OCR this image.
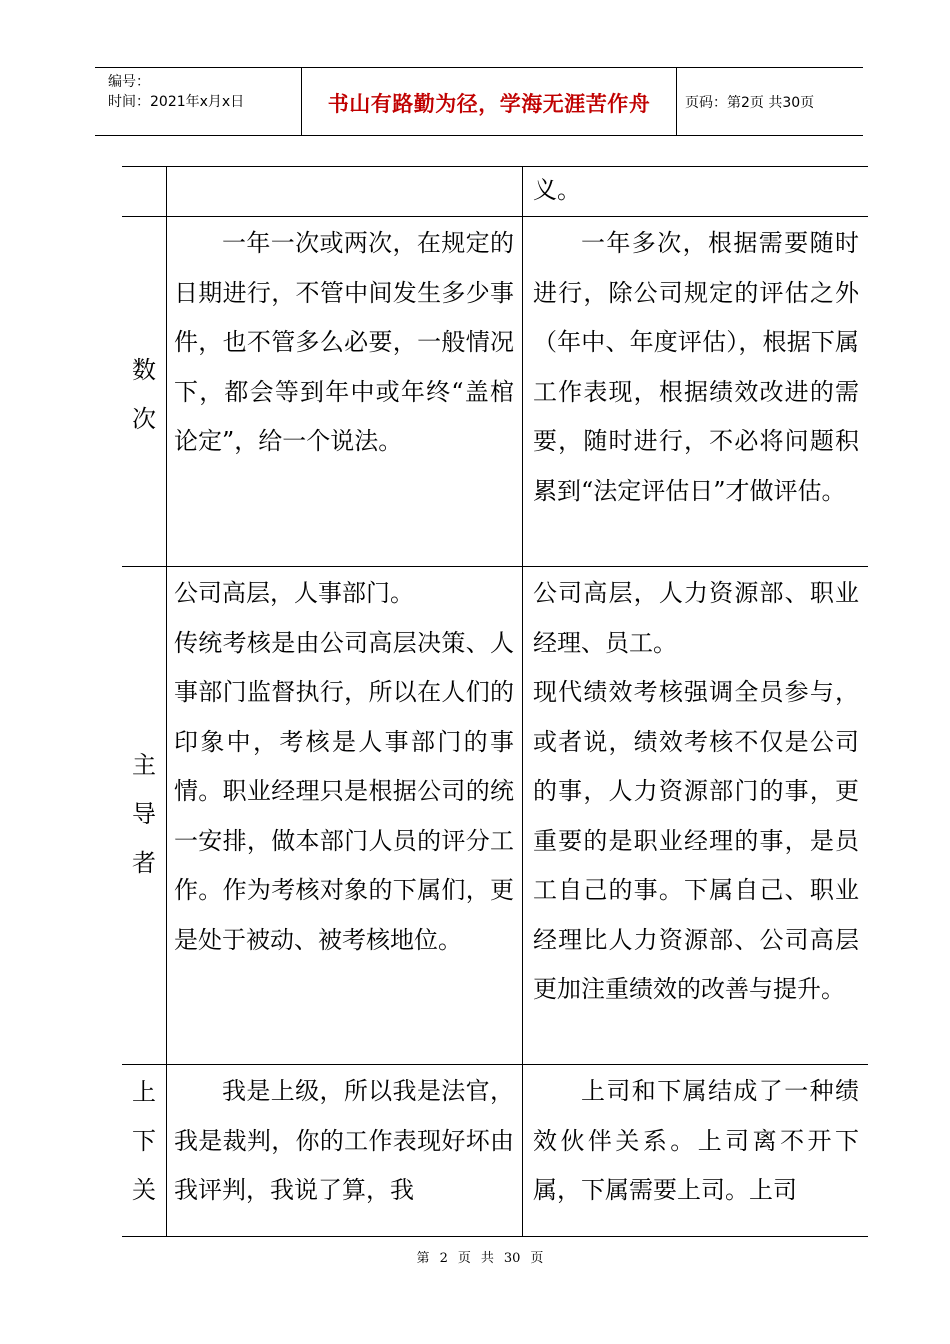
编号：
时间：2021年x月x日	书山有路勤为径，学海无涯苦作舟	页码：第2页 共30页
义。
数
次
一年一次或两次，在规定的日期进行，不管中间发生多少事件，也不管多么必要，一般情况下，都会等到年中或年终“盖棺论定”，给一个说法。
一年多次，根据需要随时进行，除公司规定的评估之外（年中、年度评估），根据下属工作表现，根据绩效改进的需要，随时进行，不必将问题积累到“法定评估日”才做评估。
主
导
者
公司高层，人事部门。
传统考核是由公司高层决策、人事部门监督执行，所以在人们的印象中，考核是人事部门的事情。职业经理只是根据公司的统一安排，做本部门人员的评分工作。作为考核对象的下属们，更是处于被动、被考核地位。
公司高层，人力资源部、职业经理、员工。
现代绩效考核强调全员参与，或者说，绩效考核不仅是公司的事，人力资源部门的事，更重要的是职业经理的事，是员工自己的事。下属自己、职业经理比人力资源部、公司高层更加注重绩效的改善与提升。
上
下
关
我是上级，所以我是法官，我是裁判，你的工作表现好坏由我评判，我说了算，我
上司和下属结成了一种绩效伙伴关系。上司离不开下属，下属需要上司。上司
第 2 页 共 30 页
